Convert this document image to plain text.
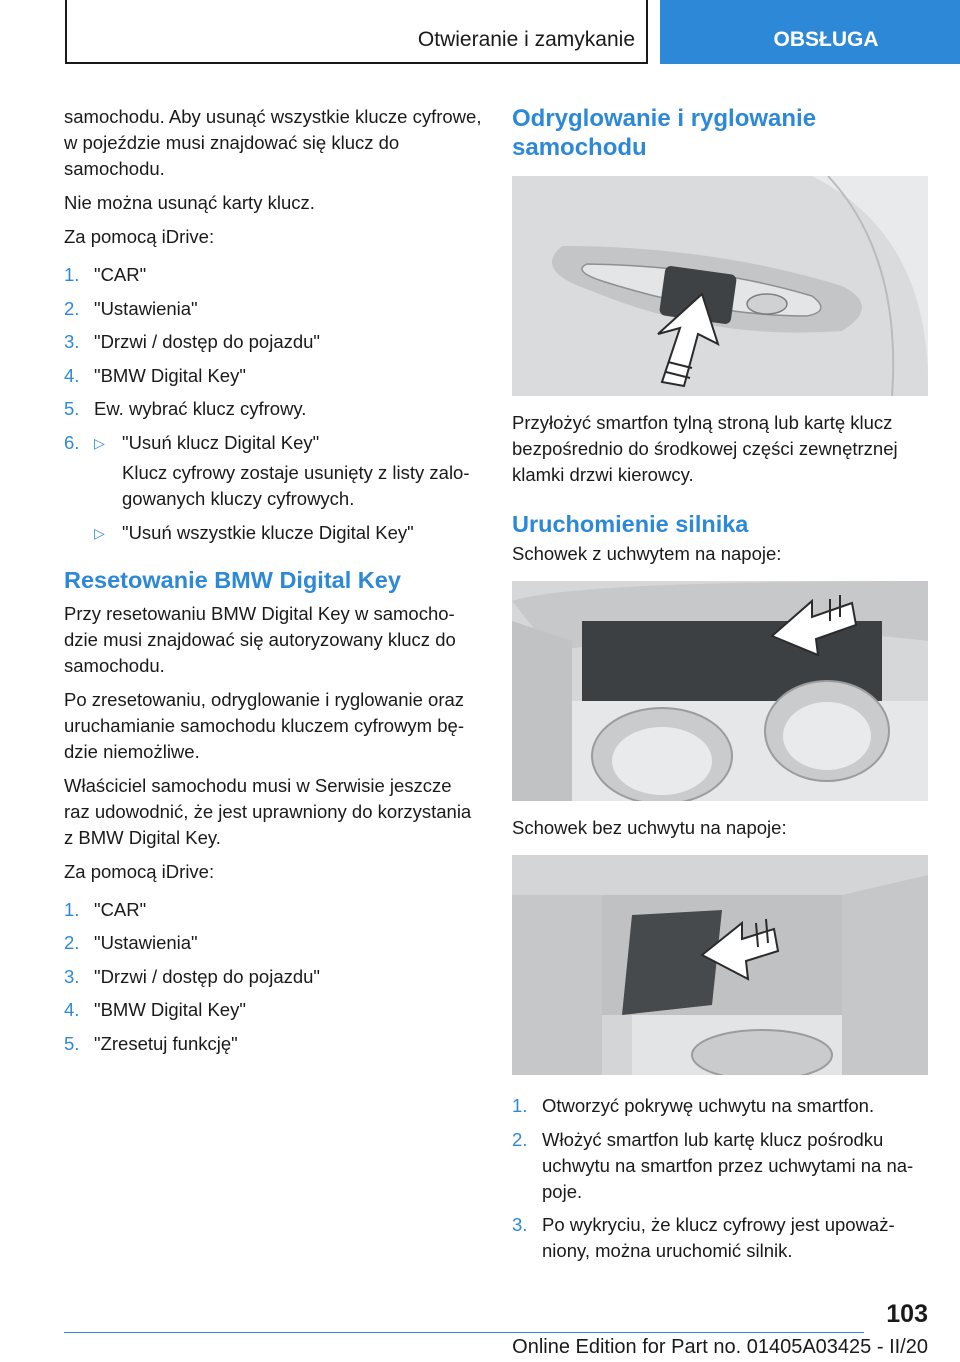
Otwieranie i zamykanie	OBSŁUGA

samochodu. Aby usunąć wszystkie klucze cyfrowe, w pojeździe musi znajdować się klucz do samochodu.

Nie można usunąć karty klucz.

Za pomocą iDrive:

1. "CAR"
2. "Ustawienia"
3. "Drzwi / dostęp do pojazdu"
4. "BMW Digital Key"
5. Ew. wybrać klucz cyfrowy.
6. ▷ "Usuń klucz Digital Key"
Klucz cyfrowy zostaje usunięty z listy zalogowanych kluczy cyfrowych.
▷ "Usuń wszystkie klucze Digital Key"
Resetowanie BMW Digital Key

Przy resetowaniu BMW Digital Key w samochodzie musi znajdować się autoryzowany klucz do samochodu.

Po zresetowaniu, odryglowanie i ryglowanie oraz uruchamianie samochodu kluczem cyfrowym będzie niemożliwe.

Właściciel samochodu musi w Serwisie jeszcze raz udowodnić, że jest uprawniony do korzystania z BMW Digital Key.

Za pomocą iDrive:

1. "CAR"
2. "Ustawienia"
3. "Drzwi / dostęp do pojazdu"
4. "BMW Digital Key"
5. "Zresetuj funkcję"
Odryglowanie i ryglowanie samochodu

Przyłożyć smartfon tylną stroną lub kartę klucz bezpośrednio do środkowej części zewnętrznej klamki drzwi kierowcy.

Uruchomienie silnika

Schowek z uchwytem na napoje:

Schowek bez uchwytu na napoje:

1. Otworzyć pokrywę uchwytu na smartfon.
2. Włożyć smartfon lub kartę klucz pośrodku uchwytu na smartfon przez uchwytami na napoje.
3. Po wykryciu, że klucz cyfrowy jest upoważniony, można uruchomić silnik.
103
Online Edition for Part no. 01405A03425 - II/20
